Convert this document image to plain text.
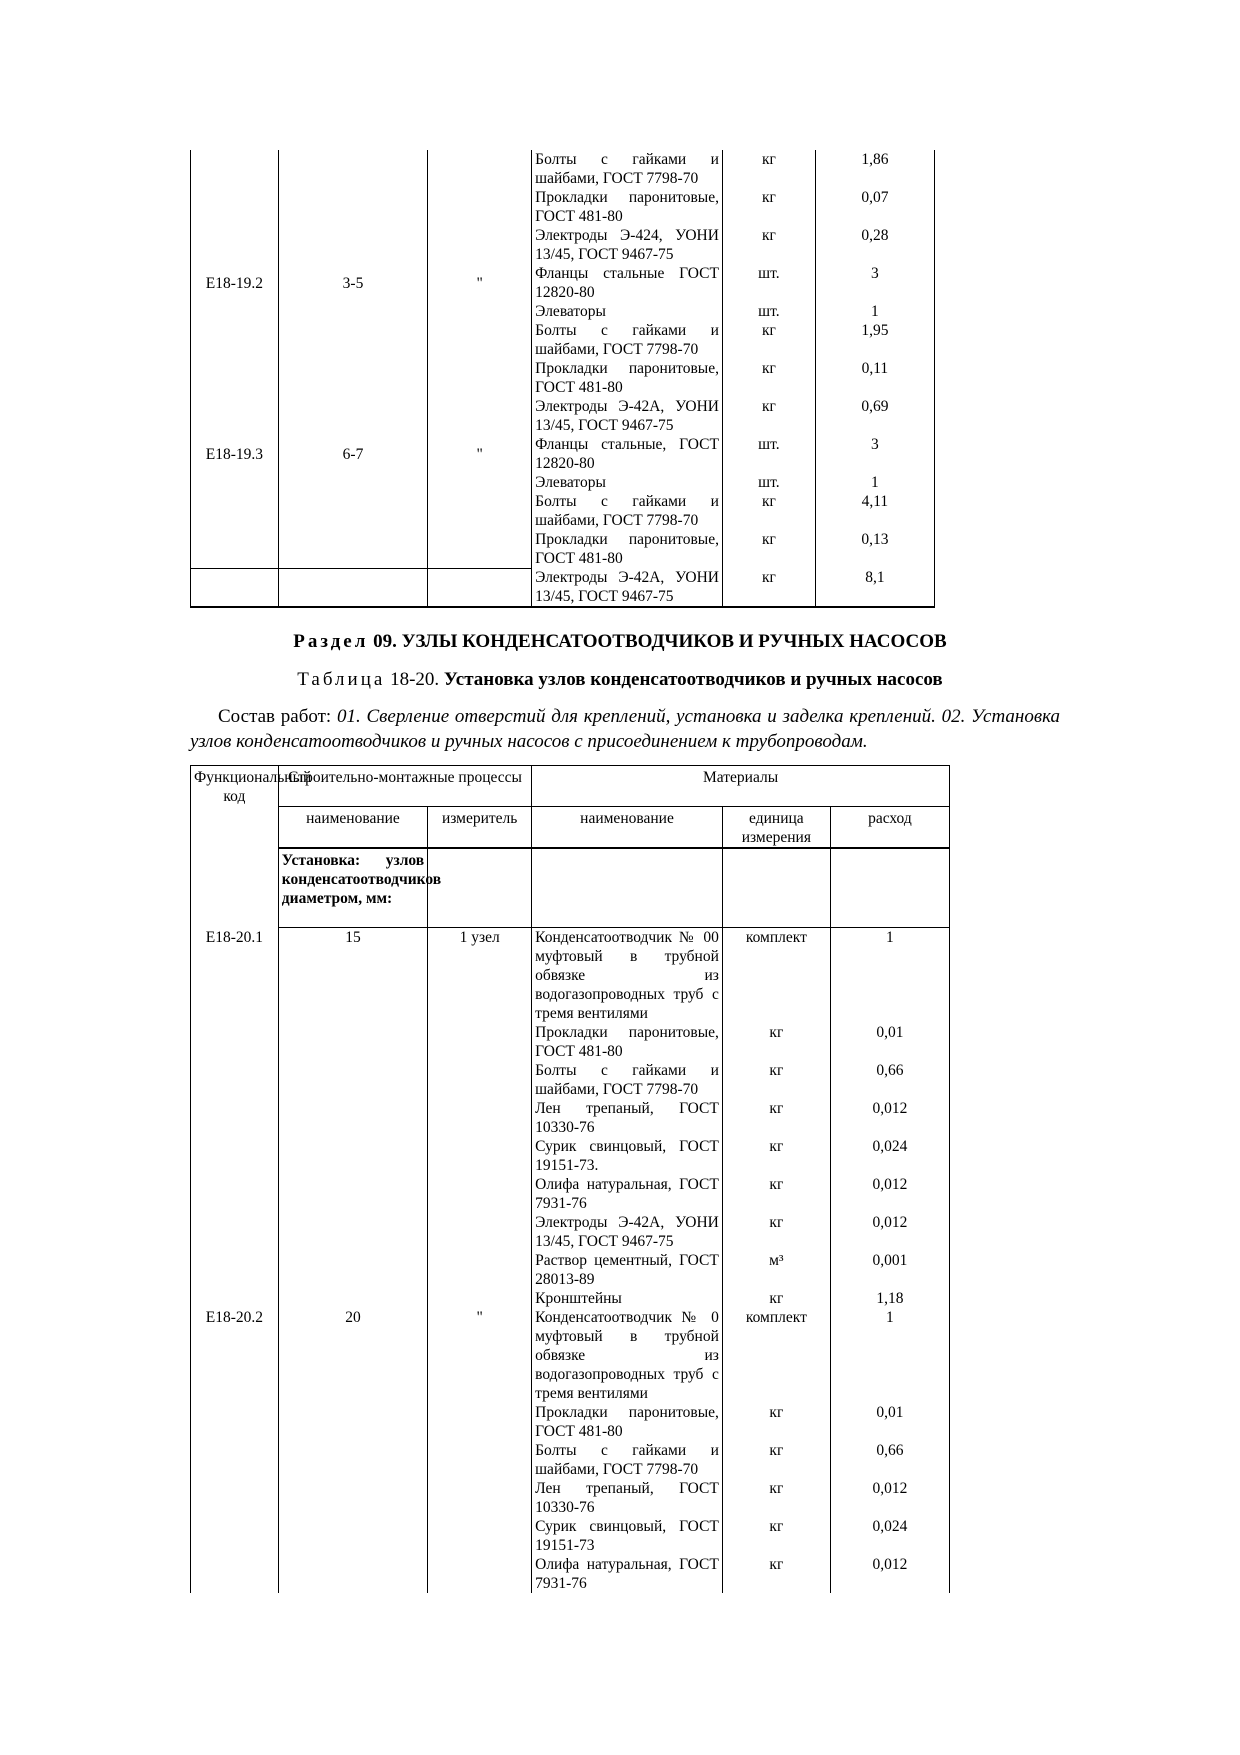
			Болты с гайками и шайбами, ГОСТ 7798-70	кг	1,86
			Прокладки паронитовые, ГОСТ 481-80	кг	0,07
			Электроды Э-424, УОНИ 13/45, ГОСТ 9467-75	кг	0,28
Е18-19.2	3-5	"	Фланцы стальные ГОСТ 12820-80	шт.	3
			Элеваторы	шт.	1
			Болты с гайками и шайбами, ГОСТ 7798-70	кг	1,95
			Прокладки паронитовые, ГОСТ 481-80	кг	0,11
			Электроды Э-42А, УОНИ 13/45, ГОСТ 9467-75	кг	0,69
Е18-19.3	6-7	"	Фланцы стальные, ГОСТ 12820-80	шт.	3
			Элеваторы	шт.	1
			Болты с гайками и шайбами, ГОСТ 7798-70	кг	4,11
			Прокладки паронитовые, ГОСТ 481-80	кг	0,13
			Электроды Э-42А, УОНИ 13/45, ГОСТ 9467-75	кг	8,1
Раздел 09. УЗЛЫ КОНДЕНСАТООТВОДЧИКОВ И РУЧНЫХ НАСОСОВ
Таблица 18-20. Установка узлов конденсатоотводчиков и ручных насосов
Состав работ: 01. Сверление отверстий для креплений, установка и заделка креплений. 02. Установка узлов конденсатоотводчиков и ручных насосов с присоединением к трубопроводам.
Функциональный код	Строительно-монтажные процессы		Материалы		
	наименование	измеритель	наименование	единица измерения	расход
	Установка: узлов конденсатоотводчиков диаметром, мм:				
Е18-20.1	15	1 узел	Конденсатоотводчик № 00 муфтовый в трубной обвязке из водогазопроводных труб с тремя вентилями	комплект	1
			Прокладки паронитовые, ГОСТ 481-80	кг	0,01
			Болты с гайками и шайбами, ГОСТ 7798-70	кг	0,66
			Лен трепаный, ГОСТ 10330-76	кг	0,012
			Сурик свинцовый, ГОСТ 19151-73.	кг	0,024
			Олифа натуральная, ГОСТ 7931-76	кг	0,012
			Электроды Э-42А, УОНИ 13/45, ГОСТ 9467-75	кг	0,012
			Раствор цементный, ГОСТ 28013-89	м³	0,001
			Кронштейны	кг	1,18
Е18-20.2	20	"	Конденсатоотводчик № 0 муфтовый в трубной обвязке из водогазопроводных труб с тремя вентилями	комплект	1
			Прокладки паронитовые, ГОСТ 481-80	кг	0,01
			Болты с гайками и шайбами, ГОСТ 7798-70	кг	0,66
			Лен трепаный, ГОСТ 10330-76	кг	0,012
			Сурик свинцовый, ГОСТ 19151-73	кг	0,024
			Олифа натуральная, ГОСТ 7931-76	кг	0,012
